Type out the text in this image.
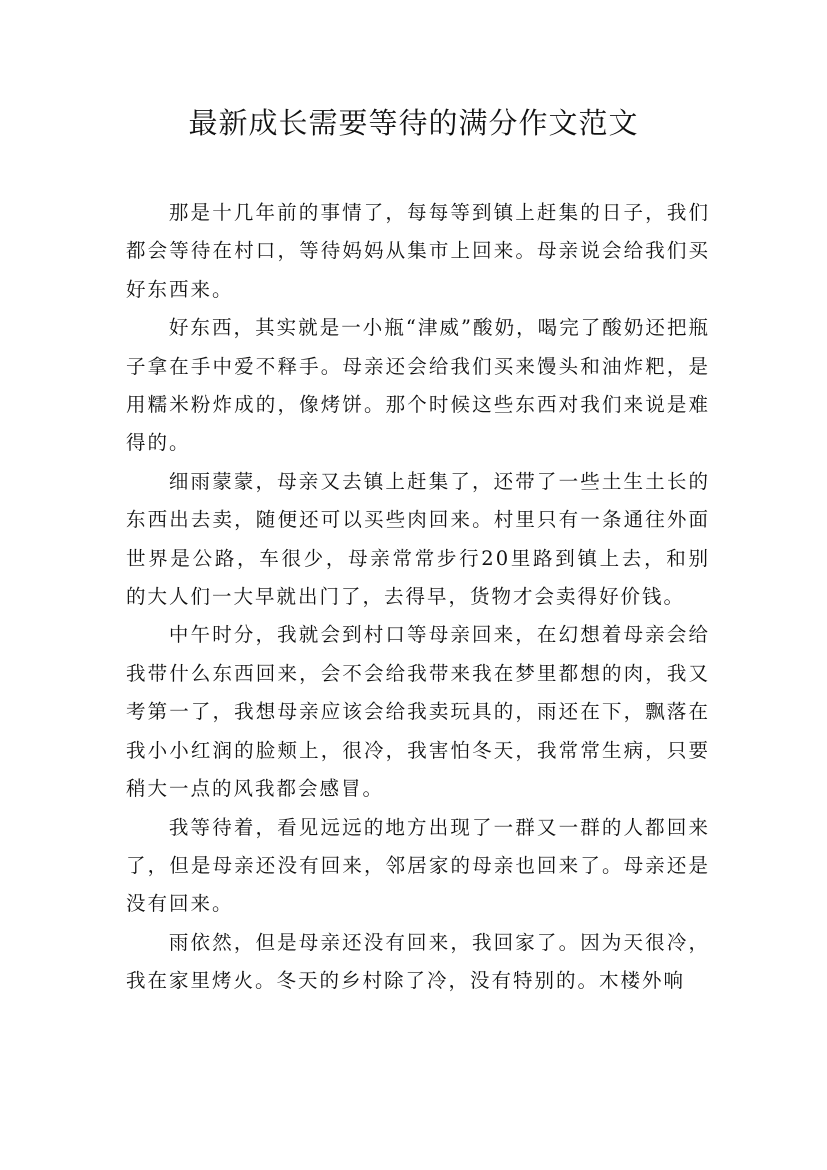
最新成长需要等待的满分作文范文

那是十几年前的事情了，每每等到镇上赶集的日子，我们都会等待在村口，等待妈妈从集市上回来。母亲说会给我们买好东西来。

好东西，其实就是一小瓶“津威”酸奶，喝完了酸奶还把瓶子拿在手中爱不释手。母亲还会给我们买来馒头和油炸粑，是用糯米粉炸成的，像烤饼。那个时候这些东西对我们来说是难得的。

细雨蒙蒙，母亲又去镇上赶集了，还带了一些土生土长的东西出去卖，随便还可以买些肉回来。村里只有一条通往外面世界是公路，车很少，母亲常常步行20里路到镇上去，和别的大人们一大早就出门了，去得早，货物才会卖得好价钱。

中午时分，我就会到村口等母亲回来，在幻想着母亲会给我带什么东西回来，会不会给我带来我在梦里都想的肉，我又考第一了，我想母亲应该会给我卖玩具的，雨还在下，飘落在我小小红润的脸颊上，很冷，我害怕冬天，我常常生病，只要稍大一点的风我都会感冒。

我等待着，看见远远的地方出现了一群又一群的人都回来了，但是母亲还没有回来，邻居家的母亲也回来了。母亲还是没有回来。

雨依然，但是母亲还没有回来，我回家了。因为天很冷，我在家里烤火。冬天的乡村除了冷，没有特别的。木楼外响
